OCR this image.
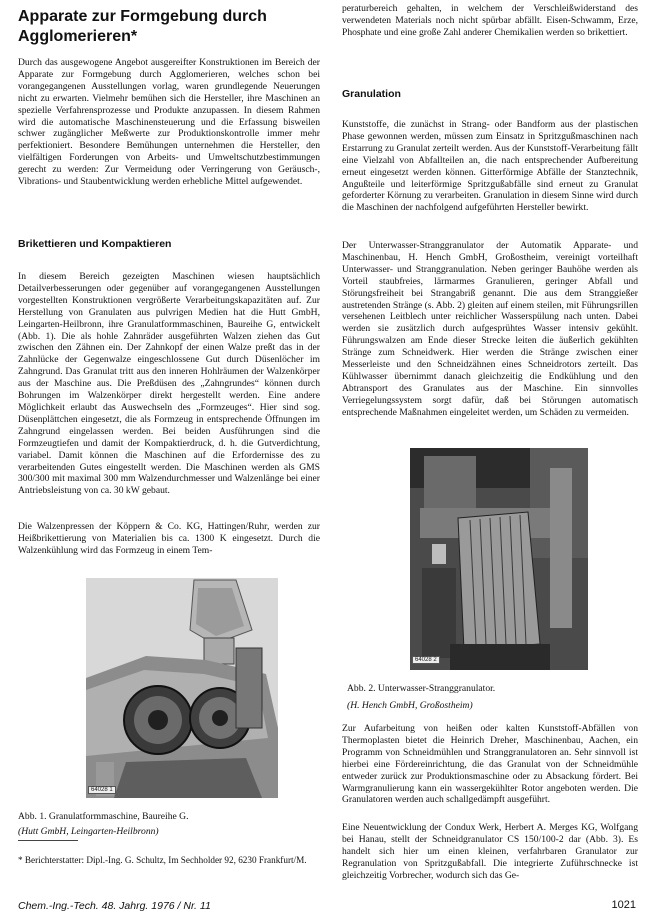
Apparate zur Formgebung durch Agglomerieren*

Durch das ausgewogene Angebot ausgereifter Konstruktionen im Bereich der Apparate zur Formgebung durch Agglomerieren, welches schon bei vorangegangenen Ausstellungen vorlag, waren grundlegende Neuerungen nicht zu erwarten. Vielmehr bemühen sich die Hersteller, ihre Maschinen an spezielle Verfahrensprozesse und Produkte anzupassen. In diesem Rahmen wird die automatische Maschinensteuerung und die Erfassung bisweilen schwer zugänglicher Meßwerte zur Produktionskontrolle immer mehr perfektioniert. Besondere Bemühungen unternehmen die Hersteller, den vielfältigen Forderungen von Arbeits- und Umweltschutzbestimmungen gerecht zu werden: Zur Vermeidung oder Verringerung von Geräusch-, Vibrations- und Staubentwicklung werden erhebliche Mittel aufgewendet.

Brikettieren und Kompaktieren

In diesem Bereich gezeigten Maschinen wiesen hauptsächlich Detailverbesserungen oder gegenüber auf vorangegangenen Ausstellungen vorgestellten Konstruktionen vergrößerte Verarbeitungskapazitäten auf. Zur Herstellung von Granulaten aus pulvrigen Medien hat die Hutt GmbH, Leingarten-Heilbronn, ihre Granulatformmaschinen, Baureihe G, entwickelt (Abb. 1). Die als hohle Zahnräder ausgeführten Walzen ziehen das Gut zwischen den Zähnen ein. Der Zahnkopf der einen Walze preßt das in der Zahnlücke der Gegenwalze eingeschlossene Gut durch Düsenlöcher im Zahngrund. Das Granulat tritt aus den inneren Hohlräumen der Walzenkörper aus der Maschine aus. Die Preßdüsen des „Zahngrundes“ können durch Bohrungen im Walzenkörper direkt hergestellt werden. Eine andere Möglichkeit erlaubt das Auswechseln des „Formzeuges“. Hier sind sog. Düsenplättchen eingesetzt, die als Formzeug in entsprechende Öffnungen im Zahngrund eingelassen werden. Bei beiden Ausführungen sind die Formzeugtiefen und damit der Kompaktierdruck, d. h. die Gutverdichtung, variabel. Damit können die Maschinen auf die Erfordernisse des zu verarbeitenden Gutes eingestellt werden. Die Maschinen werden als GMS 300/300 mit maximal 300 mm Walzendurchmesser und Walzenlänge bei einer Antriebsleistung von ca. 30 kW gebaut.

Die Walzenpressen der Köppern & Co. KG, Hattingen/Ruhr, werden zur Heißbrikettierung von Materialien bis ca. 1300 K eingesetzt. Durch die Walzenkühlung wird das Formzeug in einem Tem-

64028 1

Abb. 1. Granulatformmaschine, Baureihe G.

(Hutt GmbH, Leingarten-Heilbronn)

* Berichterstatter: Dipl.-Ing. G. Schultz, Im Sechholder 92, 6230 Frankfurt/M.

peraturbereich gehalten, in welchem der Verschleißwiderstand des verwendeten Materials noch nicht spürbar abfällt. Eisen-Schwamm, Erze, Phosphate und eine große Zahl anderer Chemikalien werden so brikettiert.

Granulation

Kunststoffe, die zunächst in Strang- oder Bandform aus der plastischen Phase gewonnen werden, müssen zum Einsatz in Spritzgußmaschinen nach Erstarrung zu Granulat zerteilt werden. Aus der Kunststoff-Verarbeitung fällt eine Vielzahl von Abfallteilen an, die nach entsprechender Aufbereitung erneut eingesetzt werden können. Gitterförmige Abfälle der Stanztechnik, Angußteile und leiterförmige Spritzgußabfälle sind erneut zu Granulat geforderter Körnung zu verarbeiten. Granulation in diesem Sinne wird durch die Maschinen der nachfolgend aufgeführten Hersteller bewirkt.

Der Unterwasser-Stranggranulator der Automatik Apparate- und Maschinenbau, H. Hench GmbH, Großostheim, vereinigt vorteilhaft Unterwasser- und Stranggranulation. Neben geringer Bauhöhe werden als Vorteil staubfreies, lärmarmes Granulieren, geringer Abfall und Störungsfreiheit bei Strangabriß genannt. Die aus dem Stranggießer austretenden Stränge (s. Abb. 2) gleiten auf einem steilen, mit Führungsrillen versehenen Leitblech unter reichlicher Wasserspülung nach unten. Dabei werden sie zusätzlich durch aufgesprühtes Wasser intensiv gekühlt. Führungswalzen am Ende dieser Strecke leiten die äußerlich gekühlten Stränge zum Schneidwerk. Hier werden die Stränge zwischen einer Messerleiste und den Schneidzähnen eines Schneidrotors zerteilt. Das Kühlwasser übernimmt danach gleichzeitig die Endkühlung und den Abtransport des Granulates aus der Maschine. Ein sinnvolles Verriegelungssystem sorgt dafür, daß bei Störungen automatisch entsprechende Maßnahmen eingeleitet werden, um Schäden zu vermeiden.

64028 2

Abb. 2. Unterwasser-Stranggranulator.

(H. Hench GmbH, Großostheim)

Zur Aufarbeitung von heißen oder kalten Kunststoff-Abfällen von Thermoplasten bietet die Heinrich Dreher, Maschinenbau, Aachen, ein Programm von Schneidmühlen und Stranggranulatoren an. Sehr sinnvoll ist hierbei eine Fördereinrichtung, die das Granulat von der Schneidmühle entweder zurück zur Produktionsmaschine oder zu Absackung fördert. Bei Warmgranulierung kann ein wassergekühlter Rotor angeboten werden. Die Granulatoren werden auch schallgedämpft ausgeführt.

Eine Neuentwicklung der Condux Werk, Herbert A. Merges KG, Wolfgang bei Hanau, stellt der Schneidgranulator CS 150/100-2 dar (Abb. 3). Es handelt sich hier um einen kleinen, verfahrbaren Granulator zur Regranulation von Spritzgußabfall. Die integrierte Zuführschnecke ist gleichzeitig Vorbrecher, wodurch sich das Ge-

Chem.-Ing.-Tech. 48. Jahrg. 1976 / Nr. 11	1021
